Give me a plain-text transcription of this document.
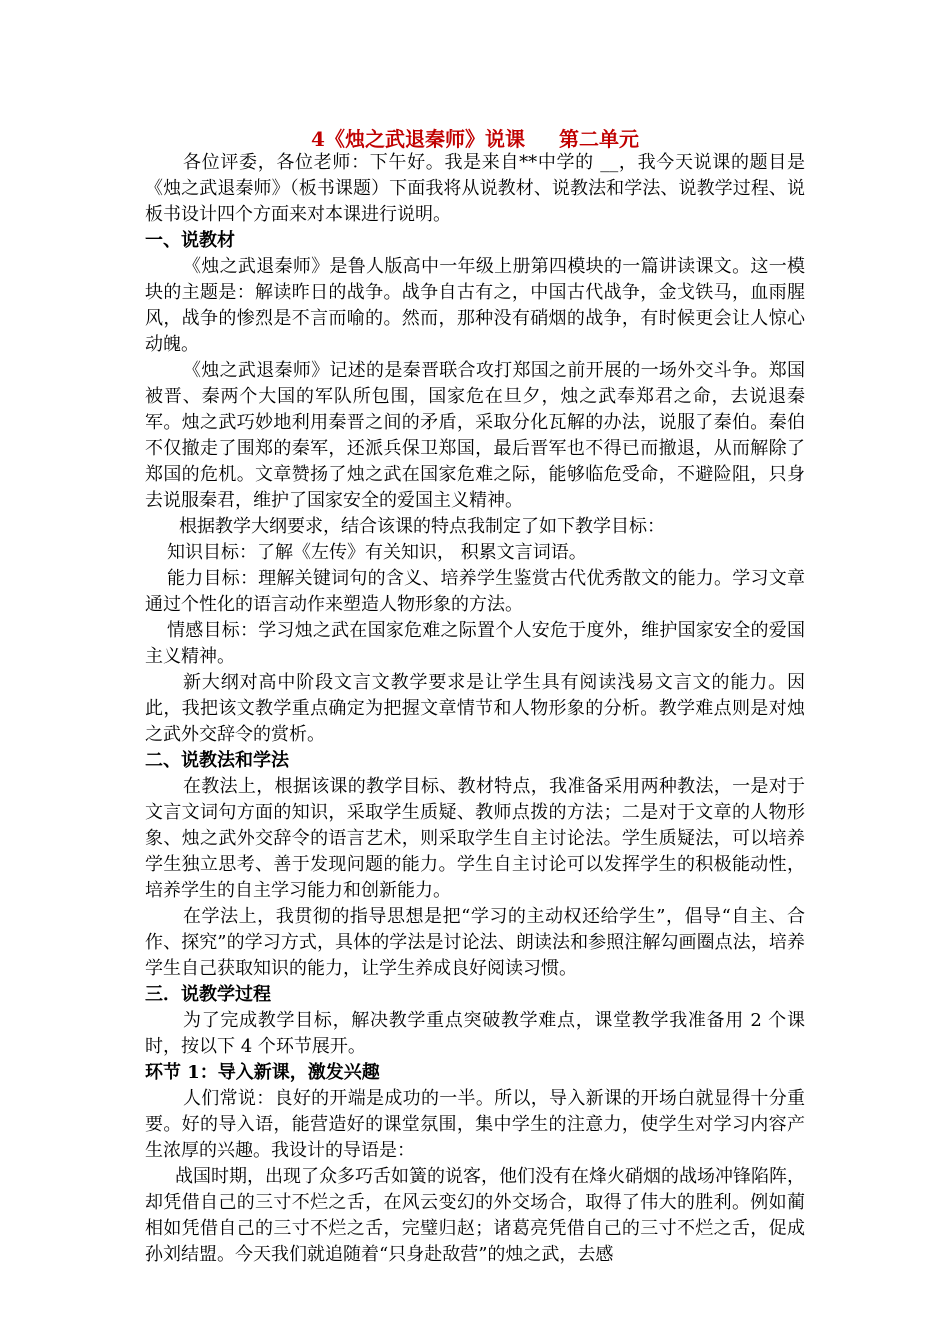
4《烛之武退秦师》说课 第二单元

各位评委，各位老师：下午好。我是来自**中学的 __，我今天说课的题目是《烛之武退秦师》（板书课题）下面我将从说教材、说教法和学法、说教学过程、说板书设计四个方面来对本课进行说明。

一、说教材

《烛之武退秦师》是鲁人版高中一年级上册第四模块的一篇讲读课文。这一模块的主题是：解读昨日的战争。战争自古有之，中国古代战争，金戈铁马，血雨腥风，战争的惨烈是不言而喻的。然而，那种没有硝烟的战争，有时候更会让人惊心动魄。

《烛之武退秦师》记述的是秦晋联合攻打郑国之前开展的一场外交斗争。郑国被晋、秦两个大国的军队所包围，国家危在旦夕，烛之武奉郑君之命，去说退秦军。烛之武巧妙地利用秦晋之间的矛盾，采取分化瓦解的办法，说服了秦伯。秦伯不仅撤走了围郑的秦军，还派兵保卫郑国，最后晋军也不得已而撤退，从而解除了郑国的危机。文章赞扬了烛之武在国家危难之际，能够临危受命，不避险阻，只身去说服秦君，维护了国家安全的爱国主义精神。

根据教学大纲要求，结合该课的特点我制定了如下教学目标：

知识目标：了解《左传》有关知识， 积累文言词语。

能力目标：理解关键词句的含义、培养学生鉴赏古代优秀散文的能力。学习文章通过个性化的语言动作来塑造人物形象的方法。

情感目标：学习烛之武在国家危难之际置个人安危于度外，维护国家安全的爱国主义精神。

新大纲对高中阶段文言文教学要求是让学生具有阅读浅易文言文的能力。因此，我把该文教学重点确定为把握文章情节和人物形象的分析。教学难点则是对烛之武外交辞令的赏析。

二、说教法和学法

在教法上，根据该课的教学目标、教材特点，我准备采用两种教法，一是对于文言文词句方面的知识，采取学生质疑、教师点拨的方法；二是对于文章的人物形象、烛之武外交辞令的语言艺术，则采取学生自主讨论法。学生质疑法，可以培养学生独立思考、善于发现问题的能力。学生自主讨论可以发挥学生的积极能动性，培养学生的自主学习能力和创新能力。

在学法上，我贯彻的指导思想是把“学习的主动权还给学生”，倡导“自主、合作、探究”的学习方式，具体的学法是讨论法、朗读法和参照注解勾画圈点法，培养学生自己获取知识的能力，让学生养成良好阅读习惯。

三．说教学过程

为了完成教学目标，解决教学重点突破教学难点，课堂教学我准备用 2 个课时，按以下 4 个环节展开。

环节 1：导入新课，激发兴趣

人们常说：良好的开端是成功的一半。所以，导入新课的开场白就显得十分重要。好的导入语，能营造好的课堂氛围，集中学生的注意力，使学生对学习内容产生浓厚的兴趣。我设计的导语是：

战国时期，出现了众多巧舌如簧的说客，他们没有在烽火硝烟的战场冲锋陷阵，却凭借自己的三寸不烂之舌，在风云变幻的外交场合，取得了伟大的胜利。例如蔺相如凭借自己的三寸不烂之舌，完璧归赵；诸葛亮凭借自己的三寸不烂之舌，促成孙刘结盟。今天我们就追随着“只身赴敌营”的烛之武，去感
